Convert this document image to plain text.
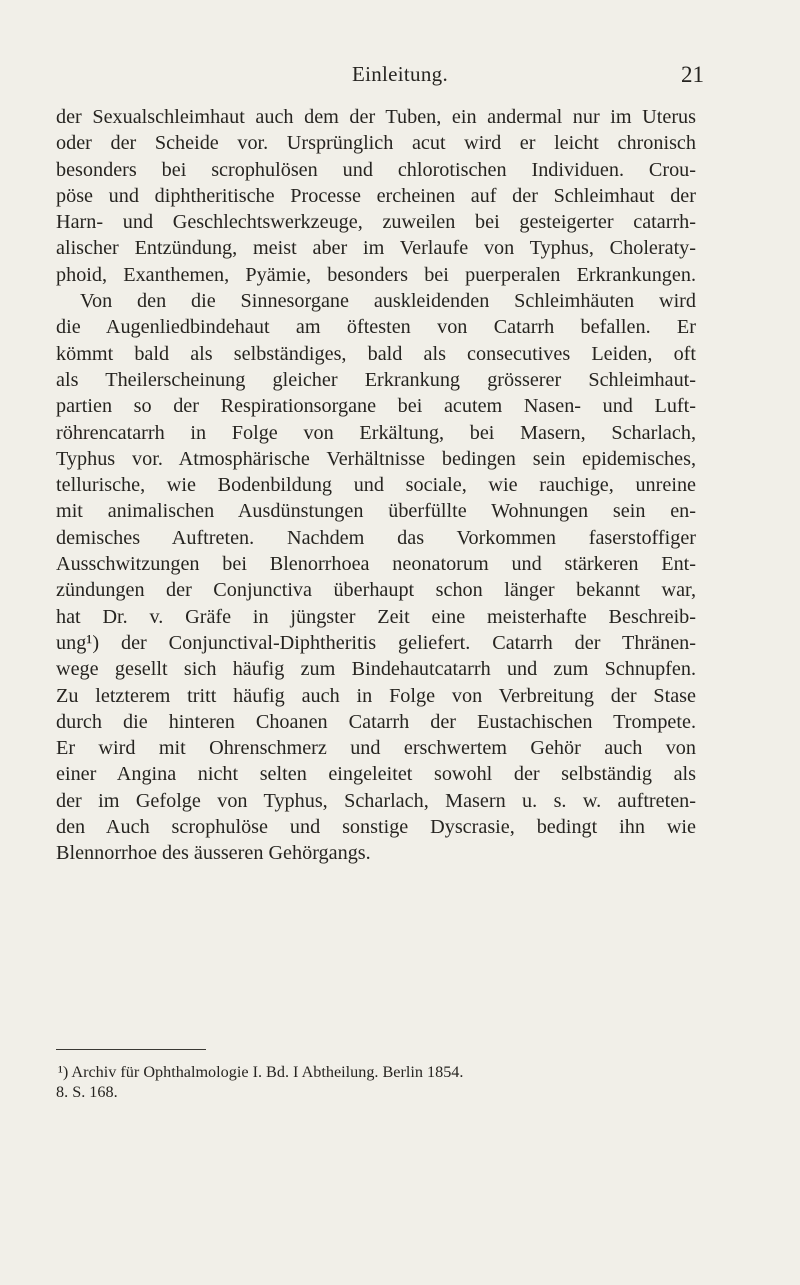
Einleitung.	21
der Sexualschleimhaut auch dem der Tuben, ein andermal nur im Uterus
oder der Scheide vor. Ursprünglich acut wird er leicht chronisch
besonders bei scrophulösen und chlorotischen Individuen. Crou-
pöse und diphtheritische Processe ercheinen auf der Schleimhaut der
Harn- und Geschlechtswerkzeuge, zuweilen bei gesteigerter catarrh-
alischer Entzündung, meist aber im Verlaufe von Typhus, Choleraty-
phoid, Exanthemen, Pyämie, besonders bei puerperalen Erkrankungen.
Von den die Sinnesorgane auskleidenden Schleimhäuten wird
die Augenliedbindehaut am öftesten von Catarrh befallen. Er
kömmt bald als selbständiges, bald als consecutives Leiden, oft
als Theilerscheinung gleicher Erkrankung grösserer Schleimhaut-
partien so der Respirationsorgane bei acutem Nasen- und Luft-
röhrencatarrh in Folge von Erkältung, bei Masern, Scharlach,
Typhus vor. Atmosphärische Verhältnisse bedingen sein epidemisches,
tellurische, wie Bodenbildung und sociale, wie rauchige, unreine
mit animalischen Ausdünstungen überfüllte Wohnungen sein en-
demisches Auftreten. Nachdem das Vorkommen faserstoffiger
Ausschwitzungen bei Blenorrhoea neonatorum und stärkeren Ent-
zündungen der Conjunctiva überhaupt schon länger bekannt war,
hat Dr. v. Gräfe in jüngster Zeit eine meisterhafte Beschreib-
ung¹) der Conjunctival-Diphtheritis geliefert. Catarrh der Thränen-
wege gesellt sich häufig zum Bindehautcatarrh und zum Schnupfen.
Zu letzterem tritt häufig auch in Folge von Verbreitung der Stase
durch die hinteren Choanen Catarrh der Eustachischen Trompete.
Er wird mit Ohrenschmerz und erschwertem Gehör auch von
einer Angina nicht selten eingeleitet sowohl der selbständig als
der im Gefolge von Typhus, Scharlach, Masern u. s. w. auftreten-
den Auch scrophulöse und sonstige Dyscrasie, bedingt ihn wie
Blennorrhoe des äusseren Gehörgangs.
¹) Archiv für Ophthalmologie I. Bd. I Abtheilung. Berlin 1854.
8. S. 168.
